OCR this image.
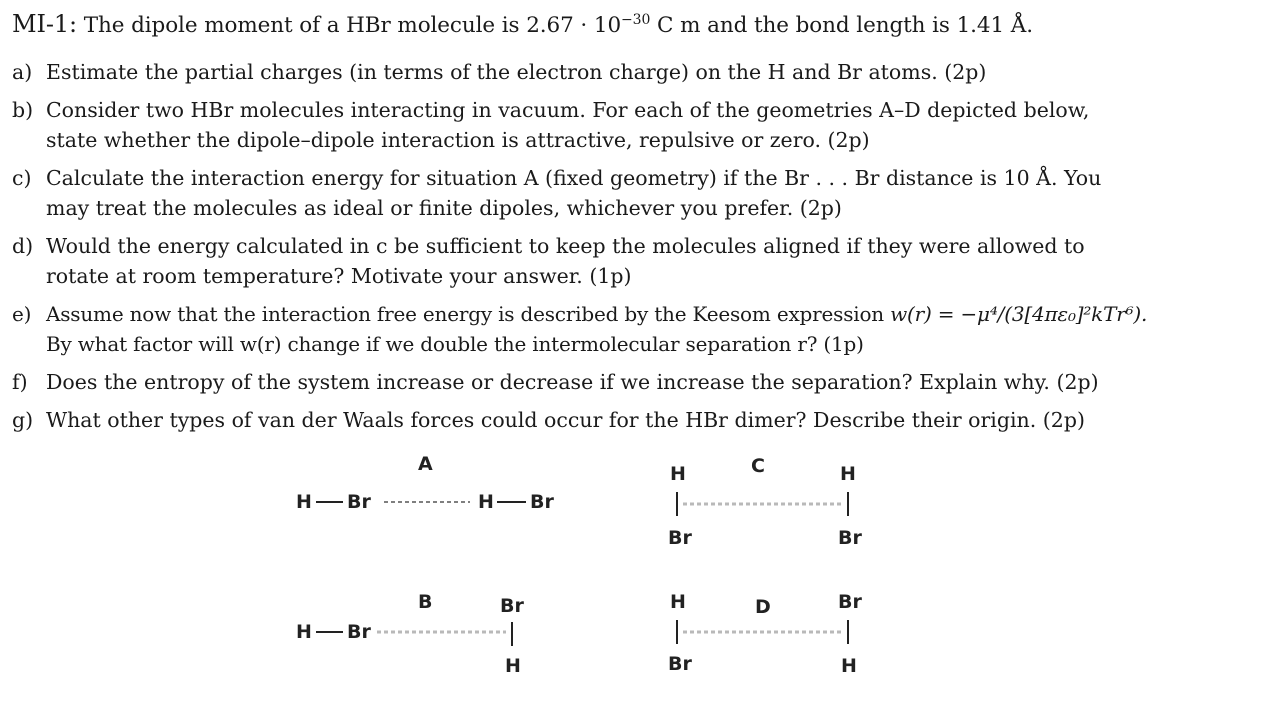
MI-1: The dipole moment of a HBr molecule is $2.67 \cdot 10^{-30}$ C m and the bond length is 1.41 Å.
a) Estimate the partial charges (in terms of the electron charge) on the H and Br atoms. (2p)
b) Consider two HBr molecules interacting in vacuum. For each of the geometries A–D depicted below,
state whether the dipole–dipole interaction is attractive, repulsive or zero. (2p)
c) Calculate the interaction energy for situation A (fixed geometry) if the Br . . . Br distance is 10 Å. You
may treat the molecules as ideal or finite dipoles, whichever you prefer. (2p)
d) Would the energy calculated in c be sufficient to keep the molecules aligned if they were allowed to
rotate at room temperature? Motivate your answer. (1p)
e) Assume now that the interaction free energy is described by the Keesom expression w(r) = −μ⁴/(3[4πε₀]²kTr⁶).
By what factor will w(r) change if we double the intermolecular separation r? (1p)
f) Does the entropy of the system increase or decrease if we increase the separation? Explain why. (2p)
g) What other types of van der Waals forces could occur for the HBr dimer? Describe their origin. (2p)
A
H Br	H Br
B
H Br
Br
H
C
H
Br
H
Br
D
H
Br
Br
H
